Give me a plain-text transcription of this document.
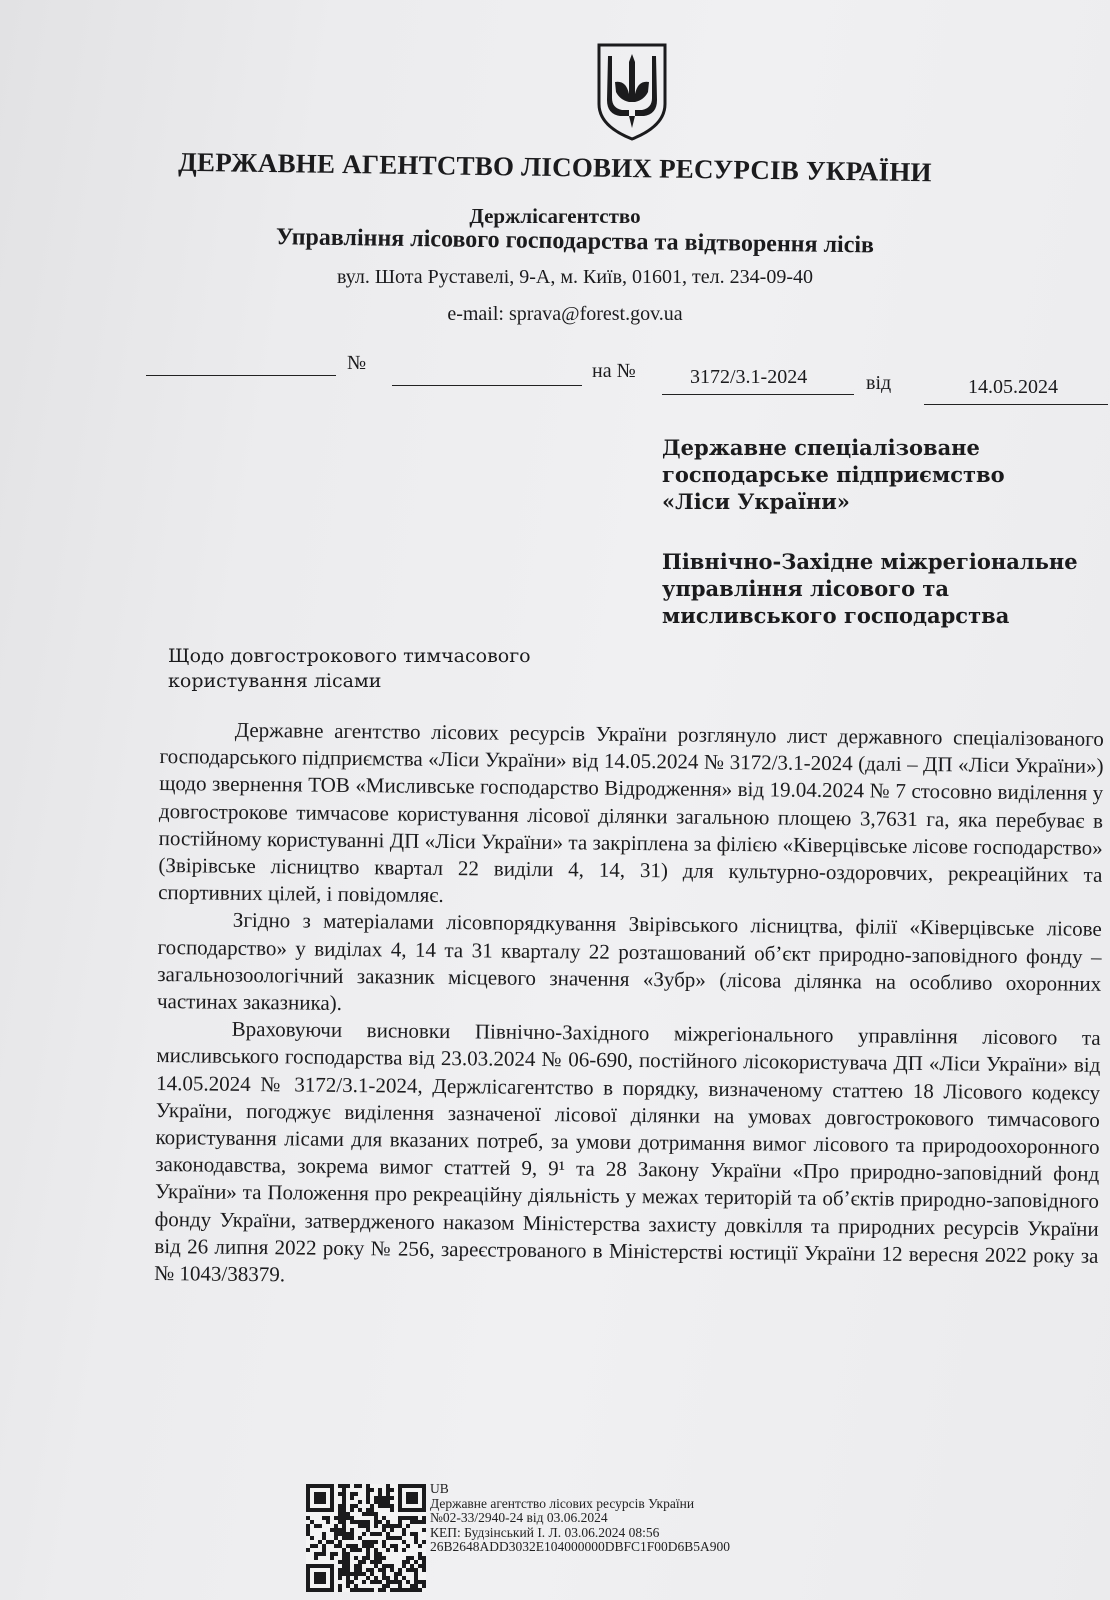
ДЕРЖАВНЕ АГЕНТСТВО ЛІСОВИХ РЕСУРСІВ УКРАЇНИ
Держлісагентство
Управління лісового господарства та відтворення лісів
вул. Шота Руставелі, 9-А, м. Київ, 01601, тел. 234-09-40
e-mail: sprava@forest.gov.ua
№	на №	3172/3.1-2024	від	14.05.2024
Державне спеціалізоване
господарське підприємство
«Ліси України»
Північно-Західне міжрегіональне
управління лісового та
мисливського господарства
Щодо довгострокового тимчасового
користування лісами

Державне агентство лісових ресурсів України розглянуло лист державного спеціалізованого господарського підприємства «Ліси України» від 14.05.2024 № 3172/3.1-2024 (далі – ДП «Ліси України») щодо звернення ТОВ «Мисливське господарство Відродження» від 19.04.2024 № 7 стосовно виділення у довгострокове тимчасове користування лісової ділянки загальною площею 3,7631 га, яка перебуває в постійному користуванні ДП «Ліси України» та закріплена за філією «Ківерцівське лісове господарство» (Звірівське лісництво квартал 22 виділи 4, 14, 31) для культурно-оздоровчих, рекреаційних та спортивних цілей, і повідомляє.

Згідно з матеріалами лісовпорядкування Звірівського лісництва, філії «Ківерцівське лісове господарство» у виділах 4, 14 та 31 кварталу 22 розташований об’єкт природно-заповідного фонду – загальнозоологічний заказник місцевого значення «Зубр» (лісова ділянка на особливо охоронних частинах заказника).

Враховуючи висновки Північно-Західного міжрегіонального управління лісового та мисливського господарства від 23.03.2024 № 06-690, постійного лісокористувача ДП «Ліси України» від 14.05.2024 № 3172/3.1-2024, Держлісагентство в порядку, визначеному статтею 18 Лісового кодексу України, погоджує виділення зазначеної лісової ділянки на умовах довгострокового тимчасового користування лісами для вказаних потреб, за умови дотримання вимог лісового та природоохоронного законодавства, зокрема вимог статтей 9, 9¹ та 28 Закону України «Про природно-заповідний фонд України» та Положення про рекреаційну діяльність у межах територій та об’єктів природно-заповідного фонду України, затвердженого наказом Міністерства захисту довкілля та природних ресурсів України від 26 липня 2022 року № 256, зареєстрованого в Міністерстві юстиції України 12 вересня 2022 року за № 1043/38379.

UB
Державне агентство лісових ресурсів України
№02-33/2940-24 від 03.06.2024
КЕП: Будзінський І. Л. 03.06.2024 08:56
26B2648ADD3032E104000000DBFC1F00D6B5A900
